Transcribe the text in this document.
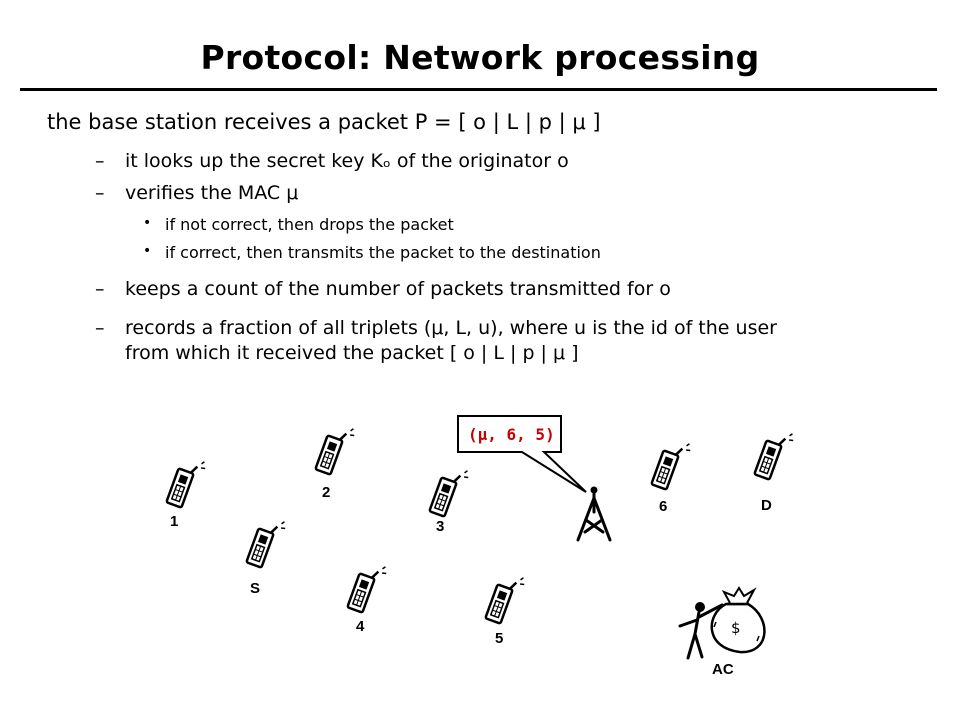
Protocol: Network processing
the base station receives a packet P = [ o | L | p | μ ]
– it looks up the secret key Kₒ of the originator o
– verifies the MAC μ
• if not correct, then drops the packet
• if correct, then transmits the packet to the destination
– keeps a count of the number of packets transmitted for o
– records a fraction of all triplets (μ, L, u), where u is the id of the user
from which it received the packet [ o | L | p | μ ]
1
2
S
3
4
5
6	D
(μ, 6, 5)
$
AC
